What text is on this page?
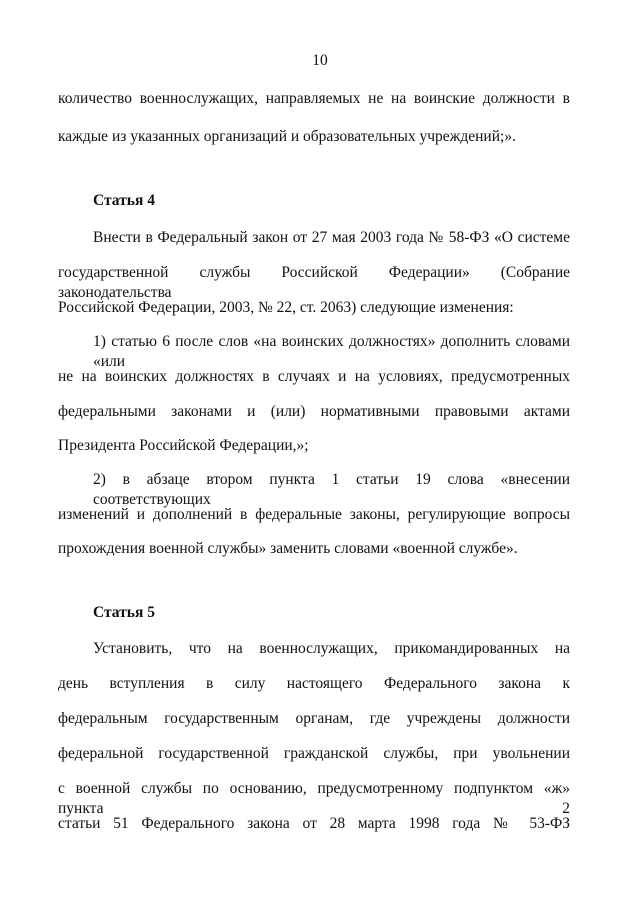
10
количество военнослужащих, направляемых не на воинские должности в
каждые из указанных организаций и образовательных учреждений;».
Статья 4
Внести в Федеральный закон от 27 мая 2003 года № 58-ФЗ «О системе
государственной службы Российской Федерации» (Собрание законодательства
Российской Федерации, 2003, № 22, ст. 2063) следующие изменения:
1) статью 6 после слов «на воинских должностях» дополнить словами «или
не на воинских должностях в случаях и на условиях, предусмотренных
федеральными законами и (или) нормативными правовыми актами
Президента Российской Федерации,»;
2) в абзаце втором пункта 1 статьи 19 слова «внесении соответствующих
изменений и дополнений в федеральные законы, регулирующие вопросы
прохождения военной службы» заменить словами «военной службе».
Статья 5
Установить, что на военнослужащих, прикомандированных на
день вступления в силу настоящего Федерального закона к
федеральным государственным органам, где учреждены должности
федеральной государственной гражданской службы, при увольнении
с военной службы по основанию, предусмотренному подпунктом «ж» пункта 2
статьи 51 Федерального закона от 28 марта 1998 года № 53-ФЗ
